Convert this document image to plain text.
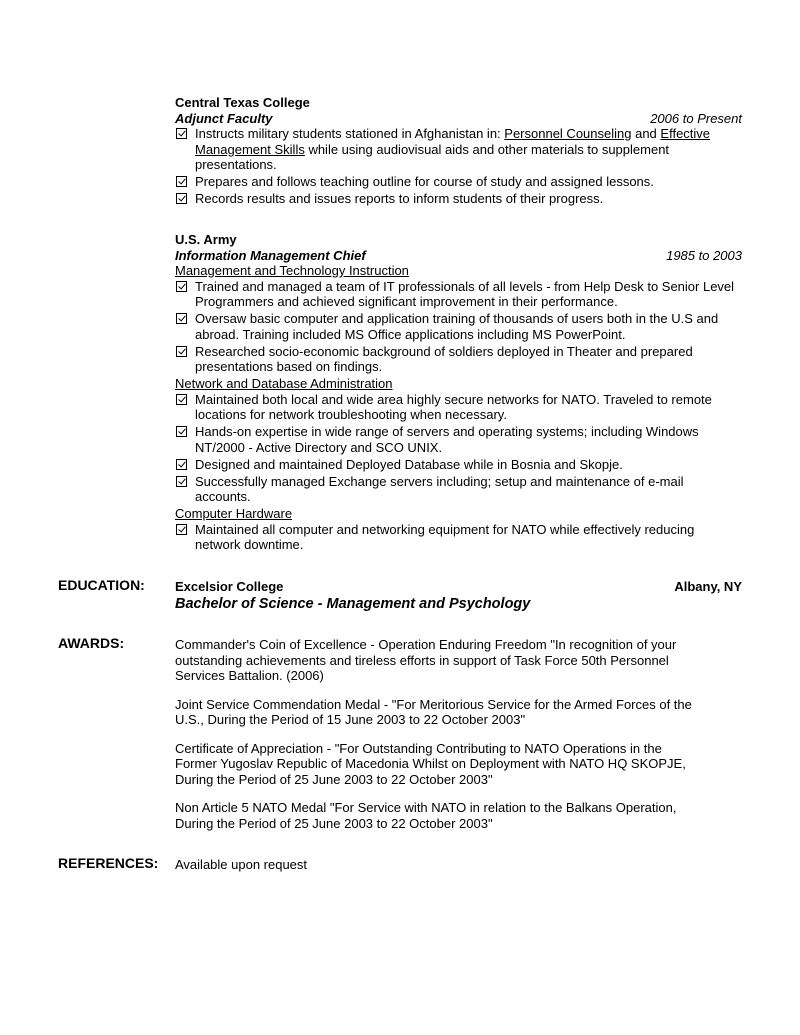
Central Texas College
Adjunct Faculty	2006 to Present
Instructs military students stationed in Afghanistan in: Personnel Counseling and Effective Management Skills while using audiovisual aids and other materials to supplement presentations.
Prepares and follows teaching outline for course of study and assigned lessons.
Records results and issues reports to inform students of their progress.
U.S. Army
Information Management Chief	1985 to 2003
Management and Technology Instruction
Trained and managed a team of IT professionals of all levels - from Help Desk to Senior Level Programmers and achieved significant improvement in their performance.
Oversaw basic computer and application training of thousands of users both in the U.S and abroad. Training included MS Office applications including MS PowerPoint.
Researched socio-economic background of soldiers deployed in Theater and prepared presentations based on findings.
Network and Database Administration
Maintained both local and wide area highly secure networks for NATO. Traveled to remote locations for network troubleshooting when necessary.
Hands-on expertise in wide range of servers and operating systems; including Windows NT/2000 - Active Directory and SCO UNIX.
Designed and maintained Deployed Database while in Bosnia and Skopje.
Successfully managed Exchange servers including; setup and maintenance of e-mail accounts.
Computer Hardware
Maintained all computer and networking equipment for NATO while effectively reducing network downtime.
EDUCATION: Excelsior College	Albany, NY
Bachelor of Science - Management and Psychology
AWARDS:	Commander's Coin of Excellence - Operation Enduring Freedom "In recognition of your outstanding achievements and tireless efforts in support of Task Force 50th Personnel Services Battalion. (2006)

Joint Service Commendation Medal - "For Meritorious Service for the Armed Forces of the U.S., During the Period of 15 June 2003 to 22 October 2003"

Certificate of Appreciation - "For Outstanding Contributing to NATO Operations in the Former Yugoslav Republic of Macedonia Whilst on Deployment with NATO HQ SKOPJE, During the Period of 25 June 2003 to 22 October 2003"

Non Article 5 NATO Medal "For Service with NATO in relation to the Balkans Operation, During the Period of 25 June 2003 to 22 October 2003"

REFERENCES: Available upon request
